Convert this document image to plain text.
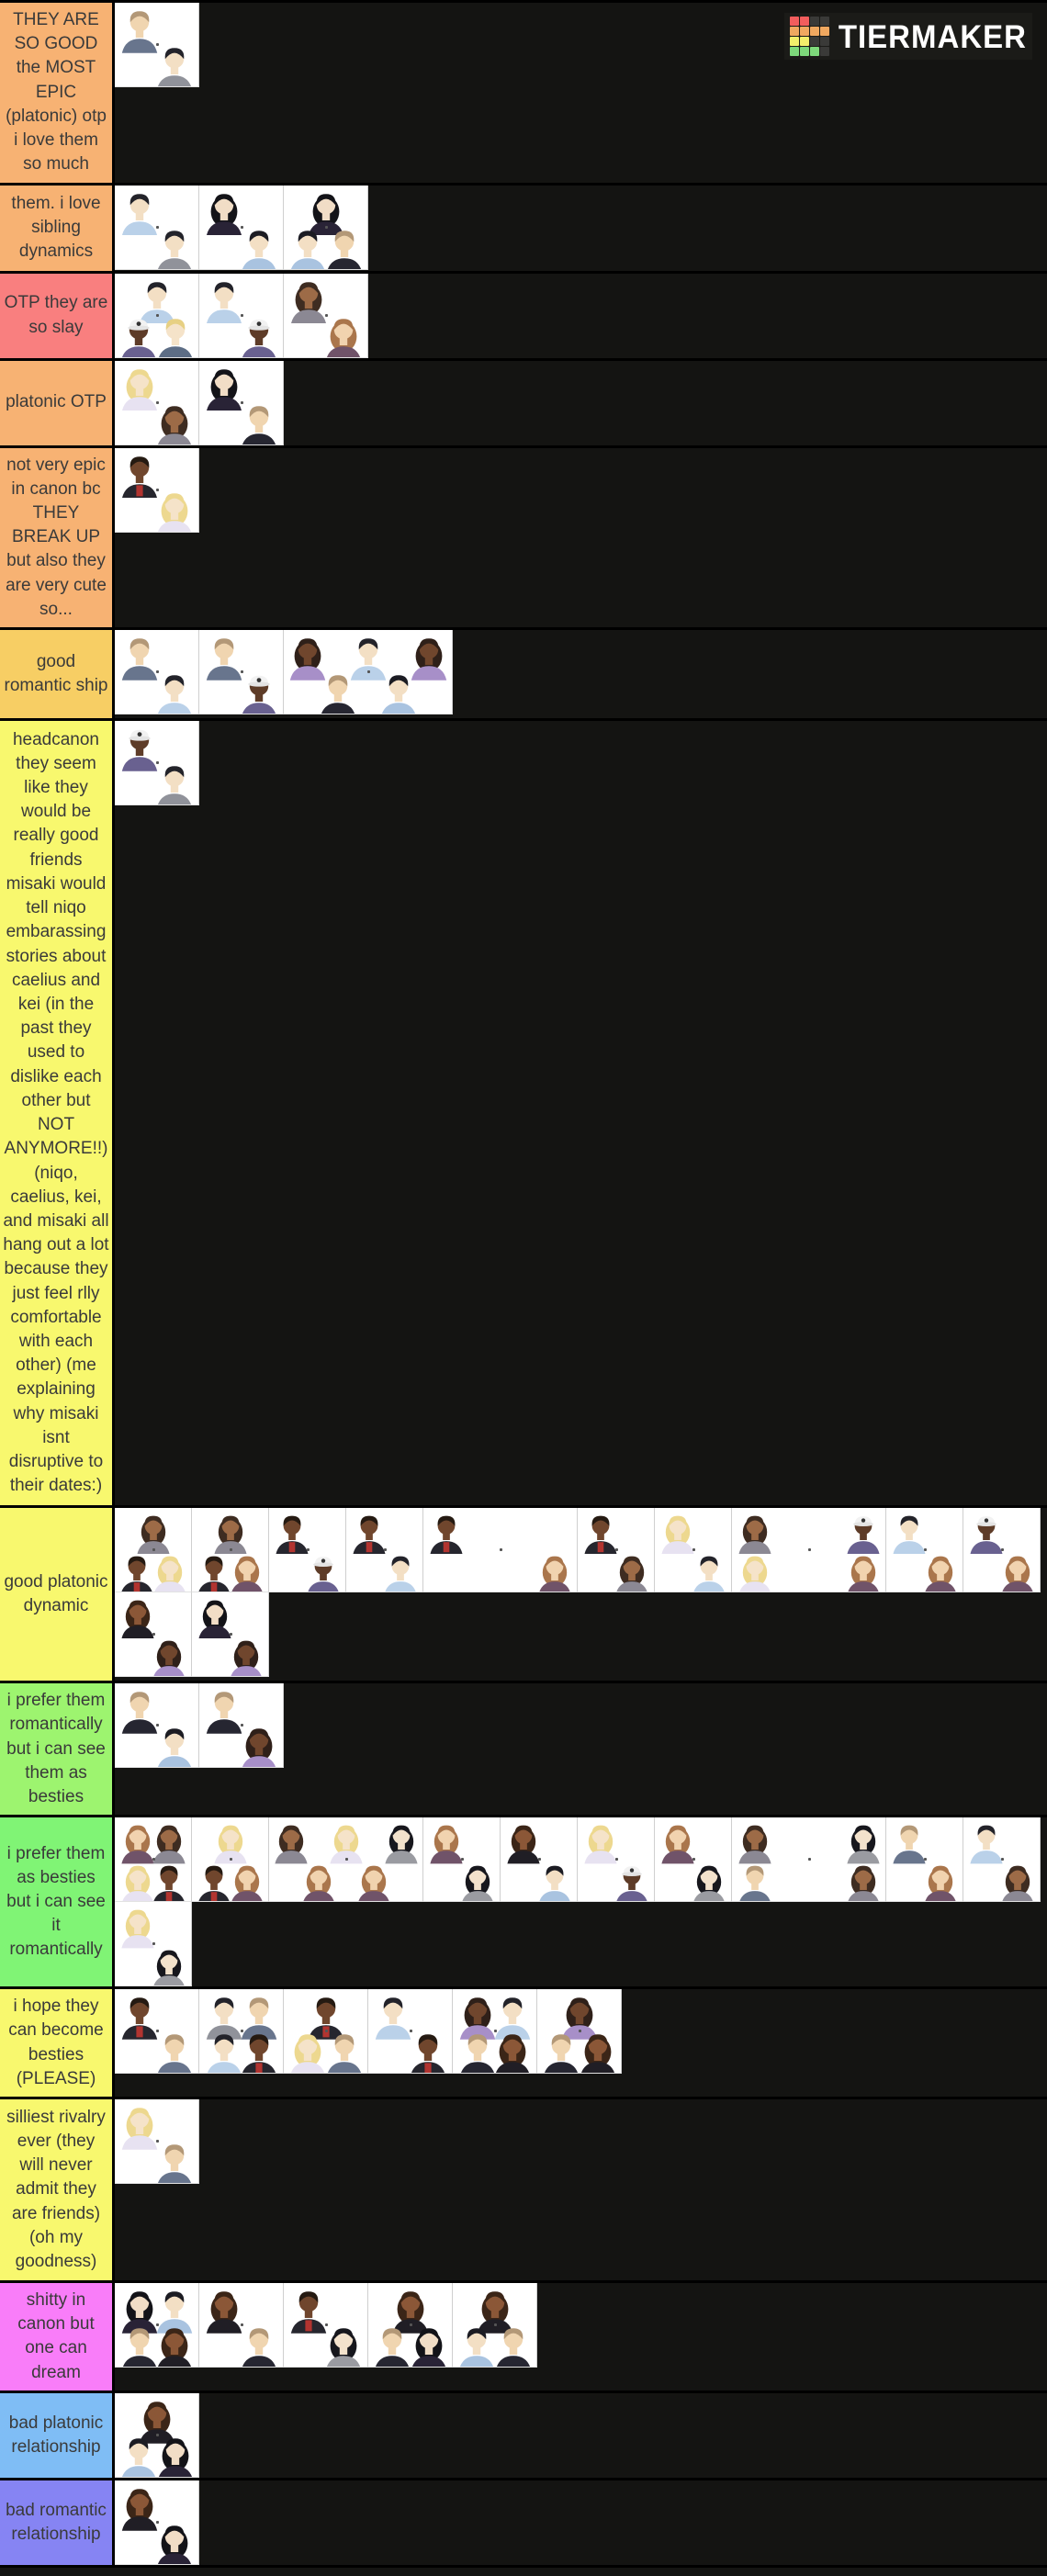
THEY ARE SO GOOD the MOST EPIC (platonic) otp i love them so much
them. i love sibling dynamics
OTP they are so slay
platonic OTP
not very epic in canon bc THEY BREAK UP but also they are very cute so...
good romantic ship
headcanon they seem like they would be really good friends misaki would tell niqo embarassing stories about caelius and kei (in the past they used to dislike each other but NOT ANYMORE!!) (niqo, caelius, kei, and misaki all hang out a lot because they just feel rlly comfortable with each other) (me explaining why misaki isnt disruptive to their dates:)
good platonic dynamic
i prefer them romantically but i can see them as besties
i prefer them as besties but i can see it romantically
i hope they can become besties (PLEASE)
silliest rivalry ever (they will never admit they are friends) (oh my goodness)
shitty in canon but one can dream
bad platonic relationship
bad romantic relationship
TIERMAKER
